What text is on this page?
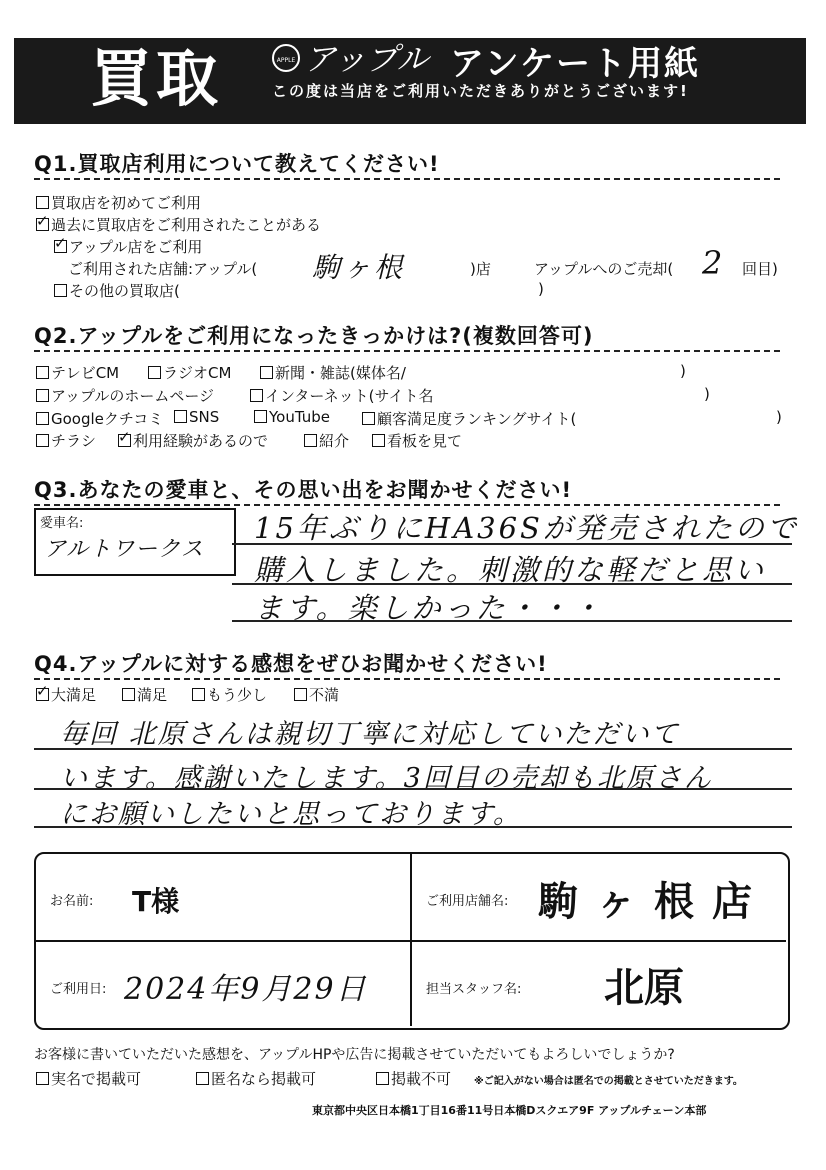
買取	APPLE アップル アンケート用紙
この度は当店をご利用いただきありがとうございます!
Q1.買取店利用について教えてください!
買取店を初めてご利用
✓過去に買取店をご利用されたことがある
✓アップル店をご利用
ご利用された店舗:アップル( 駒ヶ根	)店	アップルへのご売却( 2 回目)
その他の買取店(	)
Q2.アップルをご利用になったきっかけは?(複数回答可)
テレビCM	ラジオCM	新聞・雑誌(媒体名/	)
アップルのホームページ	インターネット(サイト名	)
Googleクチコミ	SNS	YouTube	顧客満足度ランキングサイト(	)
チラシ
✓	利用経験があるので	紹介	看板を見て
Q3.あなたの愛車と、その思い出をお聞かせください!
愛車名:
アルトワークス
15年ぶりにHA36Sが発売されたので
購入しました。刺激的な軽だと思い
ます。楽しかった・・・
Q4.アップルに対する感想をぜひお聞かせください!
✓大満足	満足	もう少し	不満
毎回 北原さんは親切丁寧に対応していただいて
います。感謝いたします。3回目の売却も北原さん
にお願いしたいと思っております。
お名前: T様	ご利用店舗名: 駒ヶ根店
ご利用日: 2024年9月29日	担当スタッフ名: 北原
お客様に書いていただいた感想を、アップルHPや広告に掲載させていただいてもよろしいでしょうか?
実名で掲載可	匿名なら掲載可	掲載不可 ※ご記入がない場合は匿名での掲載とさせていただきます。
東京都中央区日本橋1丁目16番11号日本橋Dスクエア9F アップルチェーン本部
